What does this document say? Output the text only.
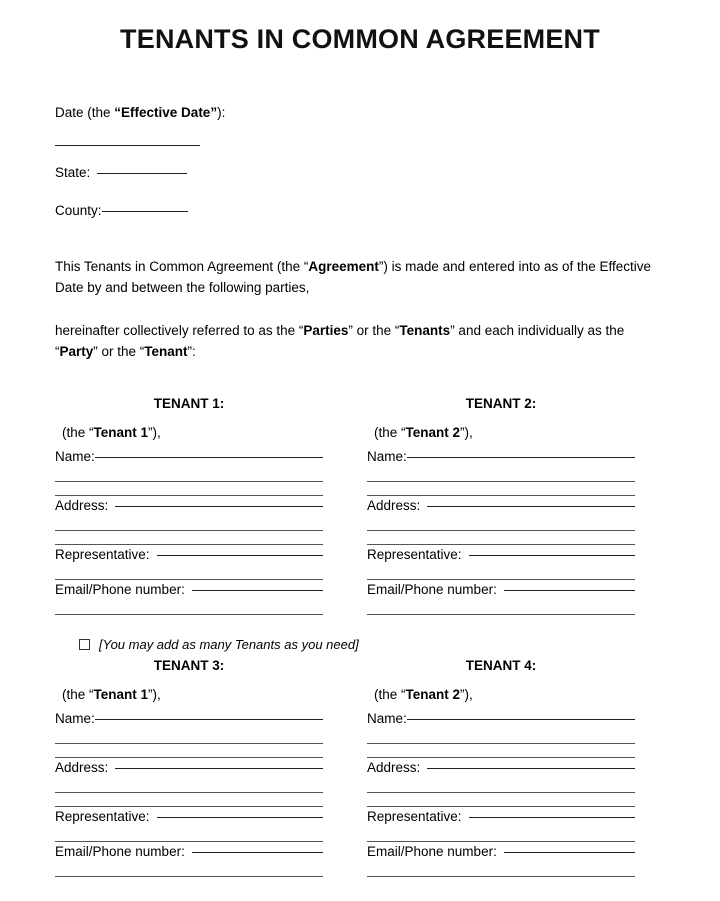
TENANTS IN COMMON AGREEMENT

Date (the “Effective Date”):

State:
County:

This Tenants in Common Agreement (the “Agreement”) is made and entered into as of the Effective Date by and between the following parties,

hereinafter collectively referred to as the “Parties” or the “Tenants” and each individually as the “Party” or the “Tenant”:

TENANT 1:
(the “Tenant 1”),
Name:
Address:
Representative:
Email/Phone number:
TENANT 2:
(the “Tenant 2”),
Name:
Address:
Representative:
Email/Phone number:
[You may add as many Tenants as you need]
TENANT 3:
(the “Tenant 1”),
Name:
Address:
Representative:
Email/Phone number:
TENANT 4:
(the “Tenant 2”),
Name:
Address:
Representative:
Email/Phone number:
